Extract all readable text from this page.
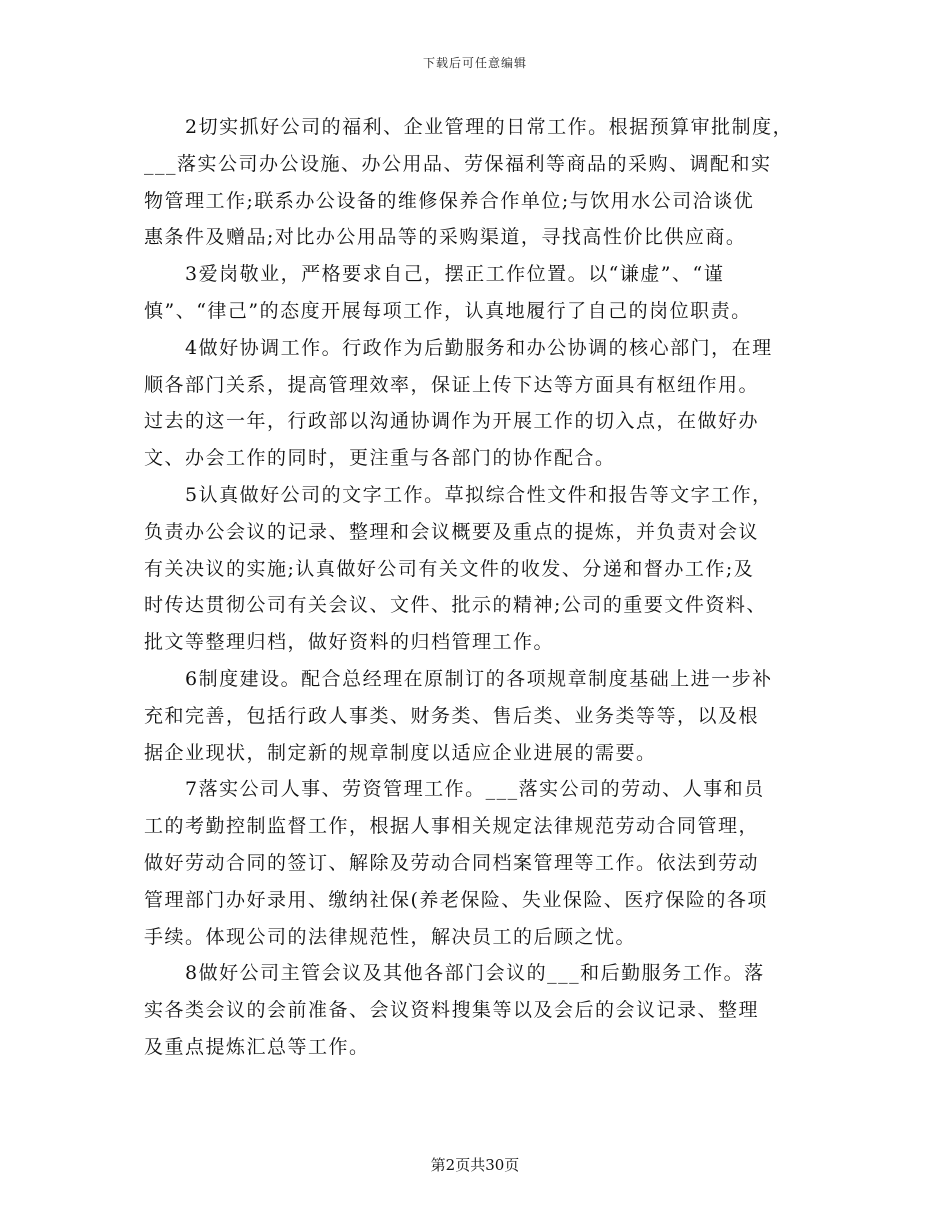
下载后可任意编辑
2切实抓好公司的福利、企业管理的日常工作。根据预算审批制度，
___落实公司办公设施、办公用品、劳保福利等商品的采购、调配和实
物管理工作;联系办公设备的维修保养合作单位;与饮用水公司洽谈优
惠条件及赠品;对比办公用品等的采购渠道，寻找高性价比供应商。
3爱岗敬业，严格要求自己，摆正工作位置。以“谦虚”、“谨
慎”、“律己”的态度开展每项工作，认真地履行了自己的岗位职责。
4做好协调工作。行政作为后勤服务和办公协调的核心部门，在理
顺各部门关系，提高管理效率，保证上传下达等方面具有枢纽作用。
过去的这一年，行政部以沟通协调作为开展工作的切入点，在做好办
文、办会工作的同时，更注重与各部门的协作配合。
5认真做好公司的文字工作。草拟综合性文件和报告等文字工作，
负责办公会议的记录、整理和会议概要及重点的提炼，并负责对会议
有关决议的实施;认真做好公司有关文件的收发、分递和督办工作;及
时传达贯彻公司有关会议、文件、批示的精神;公司的重要文件资料、
批文等整理归档，做好资料的归档管理工作。
6制度建设。配合总经理在原制订的各项规章制度基础上进一步补
充和完善，包括行政人事类、财务类、售后类、业务类等等，以及根
据企业现状，制定新的规章制度以适应企业进展的需要。
7落实公司人事、劳资管理工作。___落实公司的劳动、人事和员
工的考勤控制监督工作，根据人事相关规定法律规范劳动合同管理，
做好劳动合同的签订、解除及劳动合同档案管理等工作。依法到劳动
管理部门办好录用、缴纳社保(养老保险、失业保险、医疗保险的各项
手续。体现公司的法律规范性，解决员工的后顾之忧。
8做好公司主管会议及其他各部门会议的___和后勤服务工作。落
实各类会议的会前准备、会议资料搜集等以及会后的会议记录、整理
及重点提炼汇总等工作。
第2页共30页
